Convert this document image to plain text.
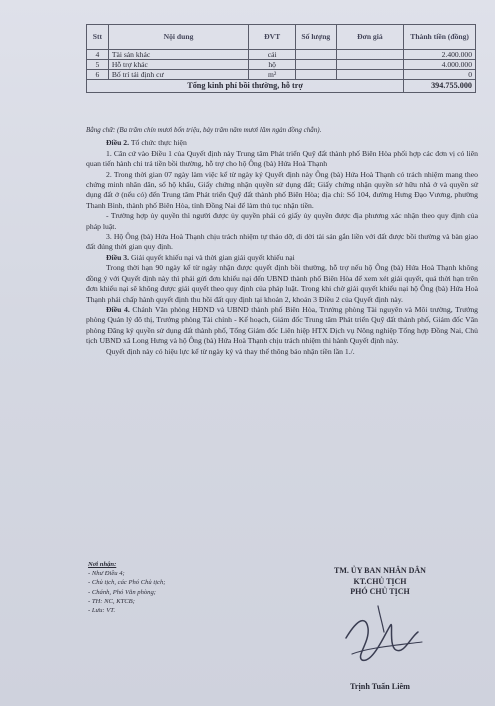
Stt	Nội dung	ĐVT	Số lượng	Đơn giá	Thành tiền (đồng)
4	Tài sản khác	cái			2.400.000
5	Hỗ trợ khác	hộ			4.000.000
6	Bố trí tái định cư	m²			0
Tổng kinh phí bồi thường, hỗ trợ					394.755.000

Bằng chữ: (Ba trăm chín mươi bốn triệu, bảy trăm năm mươi lăm ngàn đồng chẵn).

Điều 2. Tổ chức thực hiện

1. Căn cứ vào Điều 1 của Quyết định này Trung tâm Phát triển Quỹ đất thành phố Biên Hòa phối hợp các đơn vị có liên quan tiến hành chi trả tiền bồi thường, hỗ trợ cho hộ Ông (bà) Hứa Hoà Thạnh

2. Trong thời gian 07 ngày làm việc kể từ ngày ký Quyết định này Ông (bà) Hứa Hoà Thạnh có trách nhiệm mang theo chứng minh nhân dân, sổ hộ khẩu, Giấy chứng nhận quyền sử dụng đất; Giấy chứng nhận quyền sở hữu nhà ở và quyền sử dụng đất ở (nếu có) đến Trung tâm Phát triển Quỹ đất thành phố Biên Hòa; địa chỉ: Số 104, đường Hưng Đạo Vương, phường Thanh Bình, thành phố Biên Hòa, tỉnh Đồng Nai để làm thủ tục nhận tiền.

- Trường hợp ủy quyền thì người được ủy quyền phải có giấy ủy quyền được địa phương xác nhận theo quy định của pháp luật.

3. Hộ Ông (bà) Hứa Hoà Thạnh chịu trách nhiệm tự tháo dỡ, di dời tài sản gắn liền với đất được bồi thường và bàn giao đất đúng thời gian quy định.

Điều 3. Giải quyết khiếu nại và thời gian giải quyết khiếu nại

Trong thời hạn 90 ngày kể từ ngày nhận được quyết định bồi thường, hỗ trợ nếu hộ Ông (bà) Hứa Hoà Thạnh không đồng ý với Quyết định này thì phải gửi đơn khiếu nại đến UBND thành phố Biên Hòa để xem xét giải quyết, quá thời hạn trên đơn khiếu nại sẽ không được giải quyết theo quy định của pháp luật. Trong khi chờ giải quyết khiếu nại hộ Ông (bà) Hứa Hoà Thạnh phải chấp hành quyết định thu hồi đất quy định tại khoản 2, khoản 3 Điều 2 của Quyết định này.

Điều 4. Chánh Văn phòng HĐND và UBND thành phố Biên Hòa, Trưởng phòng Tài nguyên và Môi trường, Trưởng phòng Quản lý đô thị, Trưởng phòng Tài chính - Kế hoạch, Giám đốc Trung tâm Phát triển Quỹ đất thành phố, Giám đốc Văn phòng Đăng ký quyền sử dụng đất thành phố, Tổng Giám đốc Liên hiệp HTX Dịch vụ Nông nghiệp Tổng hợp Đồng Nai, Chủ tịch UBND xã Long Hưng và hộ Ông (bà) Hứa Hoà Thạnh chịu trách nhiệm thi hành Quyết định này.

Quyết định này có hiệu lực kể từ ngày ký và thay thế thông báo nhận tiền lần 1./.

Nơi nhận:
- Như Điều 4;
- Chủ tịch, các Phó Chủ tịch;
- Chánh, Phó Văn phòng;
- TH: NC, KTCB;
- Lưu: VT.
TM. ỦY BAN NHÂN DÂN
KT.CHỦ TỊCH
PHÓ CHỦ TỊCH
Trịnh Tuấn Liêm
